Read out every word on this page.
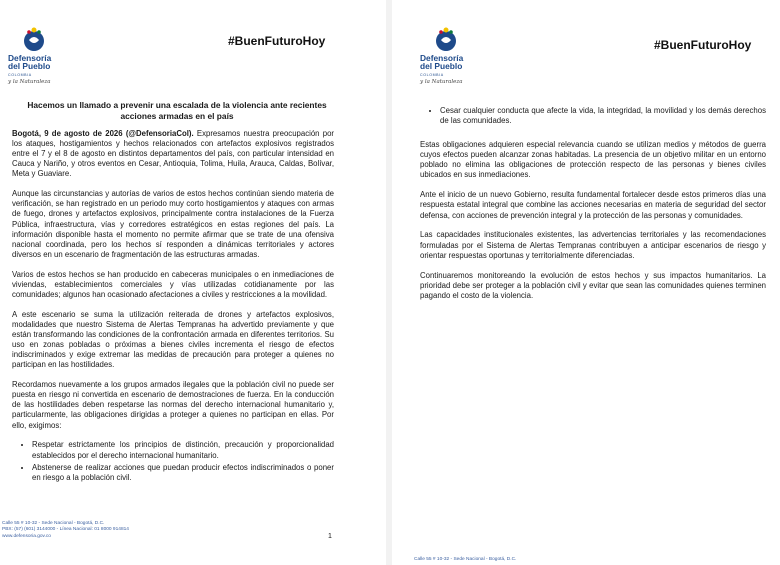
Defensoría
del Pueblo
COLOMBIA
y la Naturaleza
#BuenFuturoHoy
Hacemos un llamado a prevenir una escalada de la violencia ante recientes acciones armadas en el país

Bogotá, 9 de agosto de 2026 (@DefensoriaCol). Expresamos nuestra preocupación por los ataques, hostigamientos y hechos relacionados con artefactos explosivos registrados entre el 7 y el 8 de agosto en distintos departamentos del país, con particular intensidad en Cauca y Nariño, y otros eventos en Cesar, Antioquia, Tolima, Huila, Arauca, Caldas, Bolívar, Meta y Guaviare.

Aunque las circunstancias y autorías de varios de estos hechos continúan siendo materia de verificación, se han registrado en un periodo muy corto hostigamientos y ataques con armas de fuego, drones y artefactos explosivos, principalmente contra instalaciones de la Fuerza Pública, infraestructura, vías y corredores estratégicos en estas regiones del país. La información disponible hasta el momento no permite afirmar que se trate de una ofensiva nacional coordinada, pero los hechos sí responden a dinámicas territoriales y actores diversos en un escenario de fragmentación de las estructuras armadas.

Varios de estos hechos se han producido en cabeceras municipales o en inmediaciones de viviendas, establecimientos comerciales y vías utilizadas cotidianamente por las comunidades; algunos han ocasionado afectaciones a civiles y restricciones a la movilidad.

A este escenario se suma la utilización reiterada de drones y artefactos explosivos, modalidades que nuestro Sistema de Alertas Tempranas ha advertido previamente y que están transformando las condiciones de la confrontación armada en diferentes territorios. Su uso en zonas pobladas o próximas a bienes civiles incrementa el riesgo de efectos indiscriminados y exige extremar las medidas de precaución para proteger a quienes no participan en las hostilidades.

Recordamos nuevamente a los grupos armados ilegales que la población civil no puede ser puesta en riesgo ni convertida en escenario de demostraciones de fuerza. En la conducción de las hostilidades deben respetarse las normas del derecho internacional humanitario y, particularmente, las obligaciones dirigidas a proteger a quienes no participan en ellas. Por ello, exigimos:

• Respetar estrictamente los principios de distinción, precaución y proporcionalidad establecidos por el derecho internacional humanitario.
• Abstenerse de realizar acciones que puedan producir efectos indiscriminados o poner en riesgo a la población civil.
Calle 55 # 10-32 - Sede Nacional - Bogotá, D.C.
PBX: (57) (601) 3144000 - Línea Nacional: 01 8000 914814
www.defensoria.gov.co	1
Defensoría
del Pueblo
COLOMBIA
y la Naturaleza
#BuenFuturoHoy
• Cesar cualquier conducta que afecte la vida, la integridad, la movilidad y los demás derechos de las comunidades.

Estas obligaciones adquieren especial relevancia cuando se utilizan medios y métodos de guerra cuyos efectos pueden alcanzar zonas habitadas. La presencia de un objetivo militar en un entorno poblado no elimina las obligaciones de protección respecto de las personas y bienes civiles ubicados en sus inmediaciones.

Ante el inicio de un nuevo Gobierno, resulta fundamental fortalecer desde estos primeros días una respuesta estatal integral que combine las acciones necesarias en materia de seguridad del sector defensa, con acciones de prevención integral y la protección de las personas y comunidades.

Las capacidades institucionales existentes, las advertencias territoriales y las recomendaciones formuladas por el Sistema de Alertas Tempranas contribuyen a anticipar escenarios de riesgo y orientar respuestas oportunas y territorialmente diferenciadas.

Continuaremos monitoreando la evolución de estos hechos y sus impactos humanitarios. La prioridad debe ser proteger a la población civil y evitar que sean las comunidades quienes terminen pagando el costo de la violencia.

Calle 55 # 10-32 - Sede Nacional - Bogotá, D.C.
